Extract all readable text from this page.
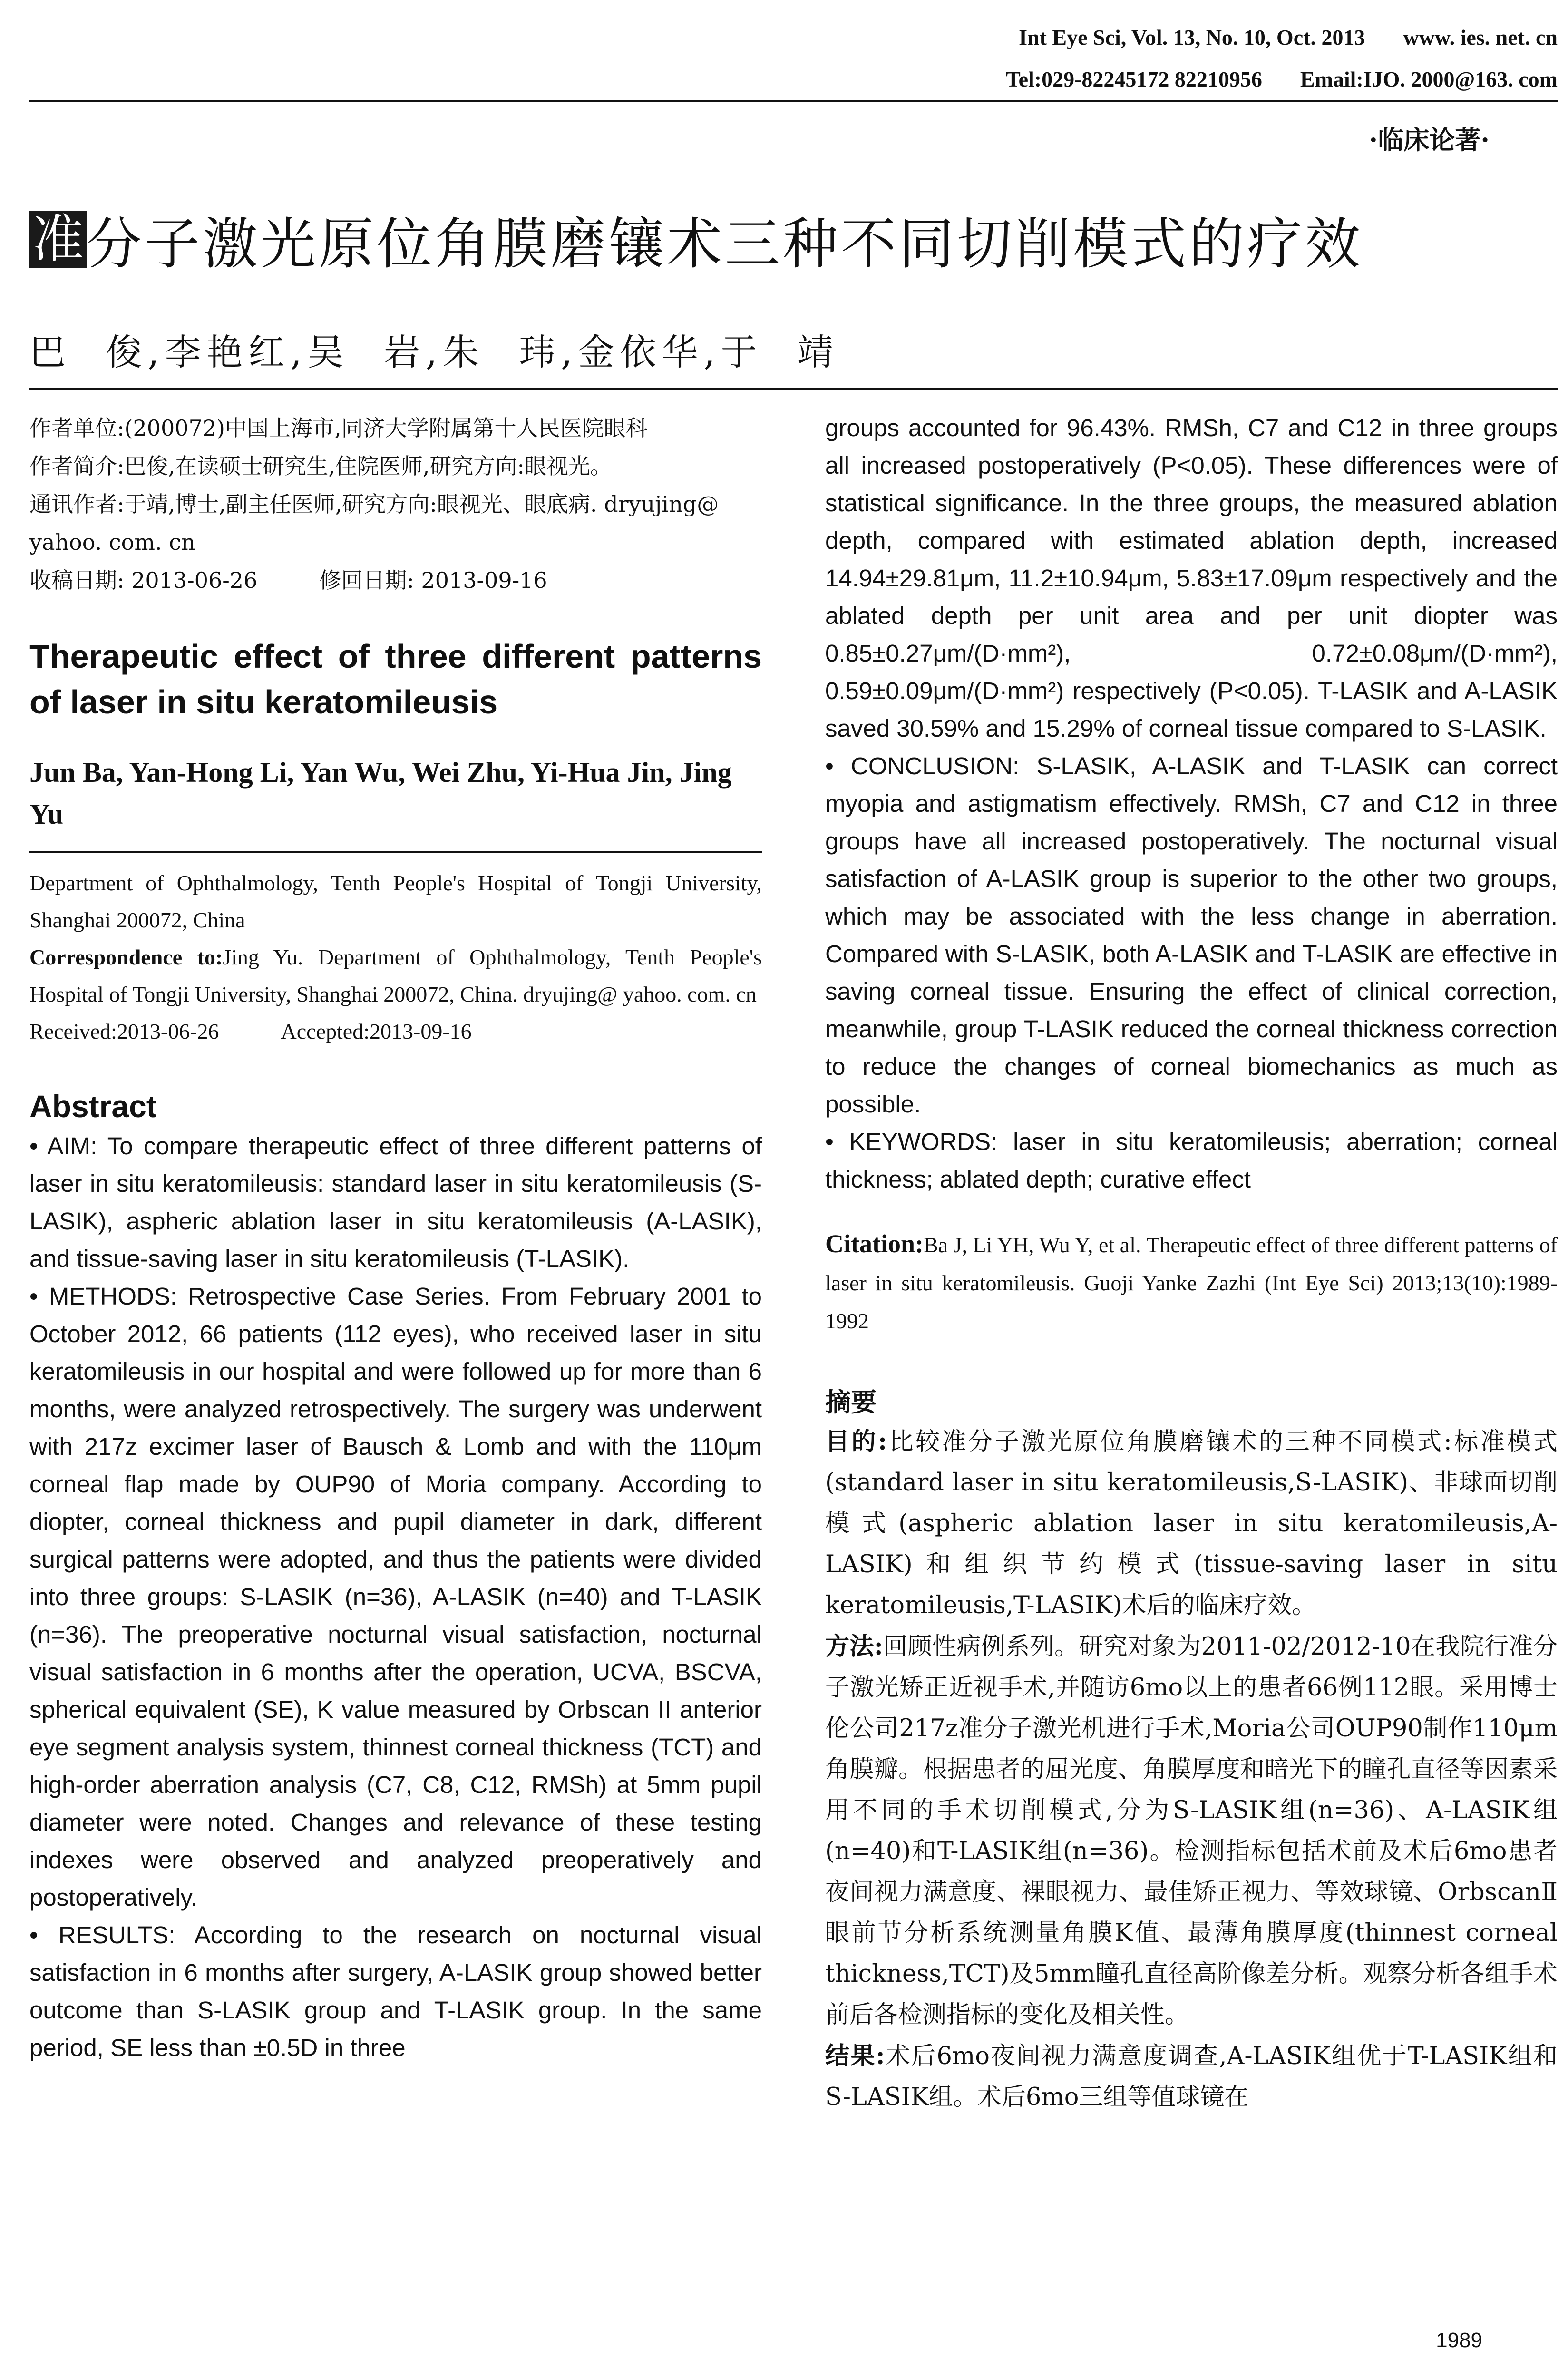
Int Eye Sci, Vol. 13, No. 10, Oct. 2013 www. ies. net. cn
Tel:029-82245172 82210956 Email:IJO. 2000@163. com
·临床论著·
准分子激光原位角膜磨镶术三种不同切削模式的疗效
巴  俊,李艳红,吴  岩,朱  玮,金依华,于  靖

作者单位:(200072)中国上海市,同济大学附属第十人民医院眼科

作者简介:巴俊,在读硕士研究生,住院医师,研究方向:眼视光。

通讯作者:于靖,博士,副主任医师,研究方向:眼视光、眼底病. dryujing@ yahoo. com. cn

收稿日期: 2013-06-26	修回日期: 2013-09-16

Therapeutic effect of three different patterns of laser in situ keratomileusis
Jun Ba, Yan-Hong Li, Yan Wu, Wei Zhu, Yi-Hua Jin, Jing Yu

Department of Ophthalmology, Tenth People's Hospital of Tongji University, Shanghai 200072, China

Correspondence to:Jing Yu. Department of Ophthalmology, Tenth People's Hospital of Tongji University, Shanghai 200072, China. dryujing@ yahoo. com. cn

Received:2013-06-26	Accepted:2013-09-16

Abstract

• AIM: To compare therapeutic effect of three different patterns of laser in situ keratomileusis: standard laser in situ keratomileusis (S-LASIK), aspheric ablation laser in situ keratomileusis (A-LASIK), and tissue-saving laser in situ keratomileusis (T-LASIK).

• METHODS: Retrospective Case Series. From February 2001 to October 2012, 66 patients (112 eyes), who received laser in situ keratomileusis in our hospital and were followed up for more than 6 months, were analyzed retrospectively. The surgery was underwent with 217z excimer laser of Bausch & Lomb and with the 110μm corneal flap made by OUP90 of Moria company. According to diopter, corneal thickness and pupil diameter in dark, different surgical patterns were adopted, and thus the patients were divided into three groups: S-LASIK (n=36), A-LASIK (n=40) and T-LASIK (n=36). The preoperative nocturnal visual satisfaction, nocturnal visual satisfaction in 6 months after the operation, UCVA, BSCVA, spherical equivalent (SE), K value measured by Orbscan II anterior eye segment analysis system, thinnest corneal thickness (TCT) and high-order aberration analysis (C7, C8, C12, RMSh) at 5mm pupil diameter were noted. Changes and relevance of these testing indexes were observed and analyzed preoperatively and postoperatively.

• RESULTS: According to the research on nocturnal visual satisfaction in 6 months after surgery, A-LASIK group showed better outcome than S-LASIK group and T-LASIK group. In the same period, SE less than ±0.5D in three

groups accounted for 96.43%. RMSh, C7 and C12 in three groups all increased postoperatively (P<0.05). These differences were of statistical significance. In the three groups, the measured ablation depth, compared with estimated ablation depth, increased 14.94±29.81μm, 11.2±10.94μm, 5.83±17.09μm respectively and the ablated depth per unit area and per unit diopter was 0.85±0.27μm/(D·mm²), 0.72±0.08μm/(D·mm²), 0.59±0.09μm/(D·mm²) respectively (P<0.05). T-LASIK and A-LASIK saved 30.59% and 15.29% of corneal tissue compared to S-LASIK.

• CONCLUSION: S-LASIK, A-LASIK and T-LASIK can correct myopia and astigmatism effectively. RMSh, C7 and C12 in three groups have all increased postoperatively. The nocturnal visual satisfaction of A-LASIK group is superior to the other two groups, which may be associated with the less change in aberration. Compared with S-LASIK, both A-LASIK and T-LASIK are effective in saving corneal tissue. Ensuring the effect of clinical correction, meanwhile, group T-LASIK reduced the corneal thickness correction to reduce the changes of corneal biomechanics as much as possible.

• KEYWORDS: laser in situ keratomileusis; aberration; corneal thickness; ablated depth; curative effect

Citation:Ba J, Li YH, Wu Y, et al. Therapeutic effect of three different patterns of laser in situ keratomileusis. Guoji Yanke Zazhi (Int Eye Sci) 2013;13(10):1989-1992
摘要

目的:比较准分子激光原位角膜磨镶术的三种不同模式:标准模式(standard laser in situ keratomileusis,S-LASIK)、非球面切削模式(aspheric ablation laser in situ keratomileusis,A-LASIK)和组织节约模式(tissue-saving laser in situ keratomileusis,T-LASIK)术后的临床疗效。

方法:回顾性病例系列。研究对象为2011-02/2012-10在我院行准分子激光矫正近视手术,并随访6mo以上的患者66例112眼。采用博士伦公司217z准分子激光机进行手术,Moria公司OUP90制作110μm角膜瓣。根据患者的屈光度、角膜厚度和暗光下的瞳孔直径等因素采用不同的手术切削模式,分为S-LASIK组(n=36)、A-LASIK组(n=40)和T-LASIK组(n=36)。检测指标包括术前及术后6mo患者夜间视力满意度、裸眼视力、最佳矫正视力、等效球镜、OrbscanⅡ眼前节分析系统测量角膜K值、最薄角膜厚度(thinnest corneal thickness,TCT)及5mm瞳孔直径高阶像差分析。观察分析各组手术前后各检测指标的变化及相关性。

结果:术后6mo夜间视力满意度调查,A-LASIK组优于T-LASIK组和S-LASIK组。术后6mo三组等值球镜在

1989
